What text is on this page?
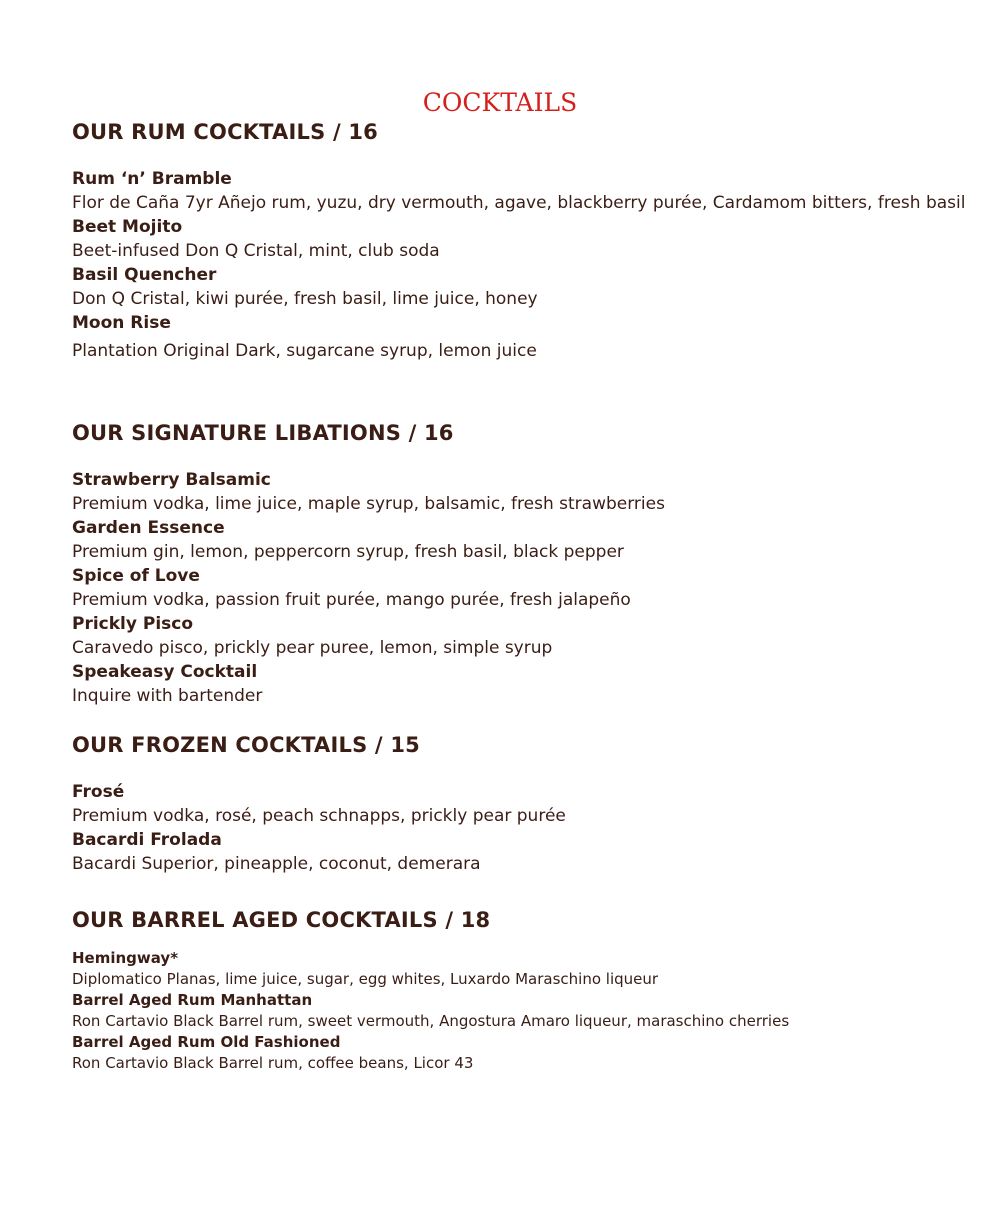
COCKTAILS
OUR RUM COCKTAILS / 16
Rum ‘n’ Bramble
Flor de Caña 7yr Añejo rum, yuzu, dry vermouth, agave, blackberry purée, Cardamom bitters, fresh basil
Beet Mojito
Beet-infused Don Q Cristal, mint, club soda
Basil Quencher
Don Q Cristal, kiwi purée, fresh basil, lime juice, honey
Moon Rise
Plantation Original Dark, sugarcane syrup, lemon juice
OUR SIGNATURE LIBATIONS / 16
Strawberry Balsamic
Premium vodka, lime juice, maple syrup, balsamic, fresh strawberries
Garden Essence
Premium gin, lemon, peppercorn syrup, fresh basil, black pepper
Spice of Love
Premium vodka, passion fruit purée, mango purée, fresh jalapeño
Prickly Pisco
Caravedo pisco, prickly pear puree, lemon, simple syrup
Speakeasy Cocktail
Inquire with bartender
OUR FROZEN COCKTAILS / 15
Frosé
Premium vodka, rosé, peach schnapps, prickly pear purée
Bacardi Frolada
Bacardi Superior, pineapple, coconut, demerara
OUR BARREL AGED COCKTAILS / 18
Hemingway*
Diplomatico Planas, lime juice, sugar, egg whites, Luxardo Maraschino liqueur
Barrel Aged Rum Manhattan
Ron Cartavio Black Barrel rum, sweet vermouth, Angostura Amaro liqueur, maraschino cherries
Barrel Aged Rum Old Fashioned
Ron Cartavio Black Barrel rum, coffee beans, Licor 43
